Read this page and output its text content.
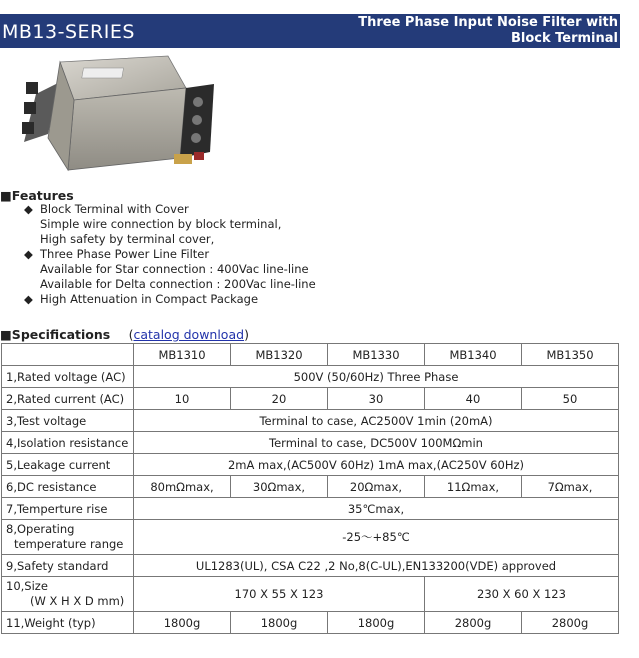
MB13-SERIES	Three Phase Input Noise Filter with
Block Terminal
■Features
◆ Block Terminal with Cover
Simple wire connection by block terminal,
High safety by terminal cover,
◆ Three Phase Power Line Filter
Available for Star connection : 400Vac line-line
Available for Delta connection : 200Vac line-line
◆ High Attenuation in Compact Package
■Specifications (catalog download)
	MB1310	MB1320	MB1330	MB1340	MB1350
1,Rated voltage (AC)	500V (50/60Hz) Three Phase				
2,Rated current (AC)	10	20	30	40	50
3,Test voltage	Terminal to case, AC2500V 1min (20mA)				
4,Isolation resistance	Terminal to case, DC500V 100MΩmin				
5,Leakage current	2mA max,(AC500V 60Hz) 1mA max,(AC250V 60Hz)				
6,DC resistance	80mΩmax,	30Ωmax,	20Ωmax,	11Ωmax,	7Ωmax,
7,Temperture rise	35℃max,				

8,Operating
temperature range	-25～+85℃				
9,Safety standard	UL1283(UL), CSA C22 ,2 No,8(C-UL),EN133200(VDE) approved				

10,Size
(W X H X D mm)	170 X 55 X 123			230 X 60 X 123	
11,Weight (typ)	1800g	1800g	1800g	2800g	2800g
